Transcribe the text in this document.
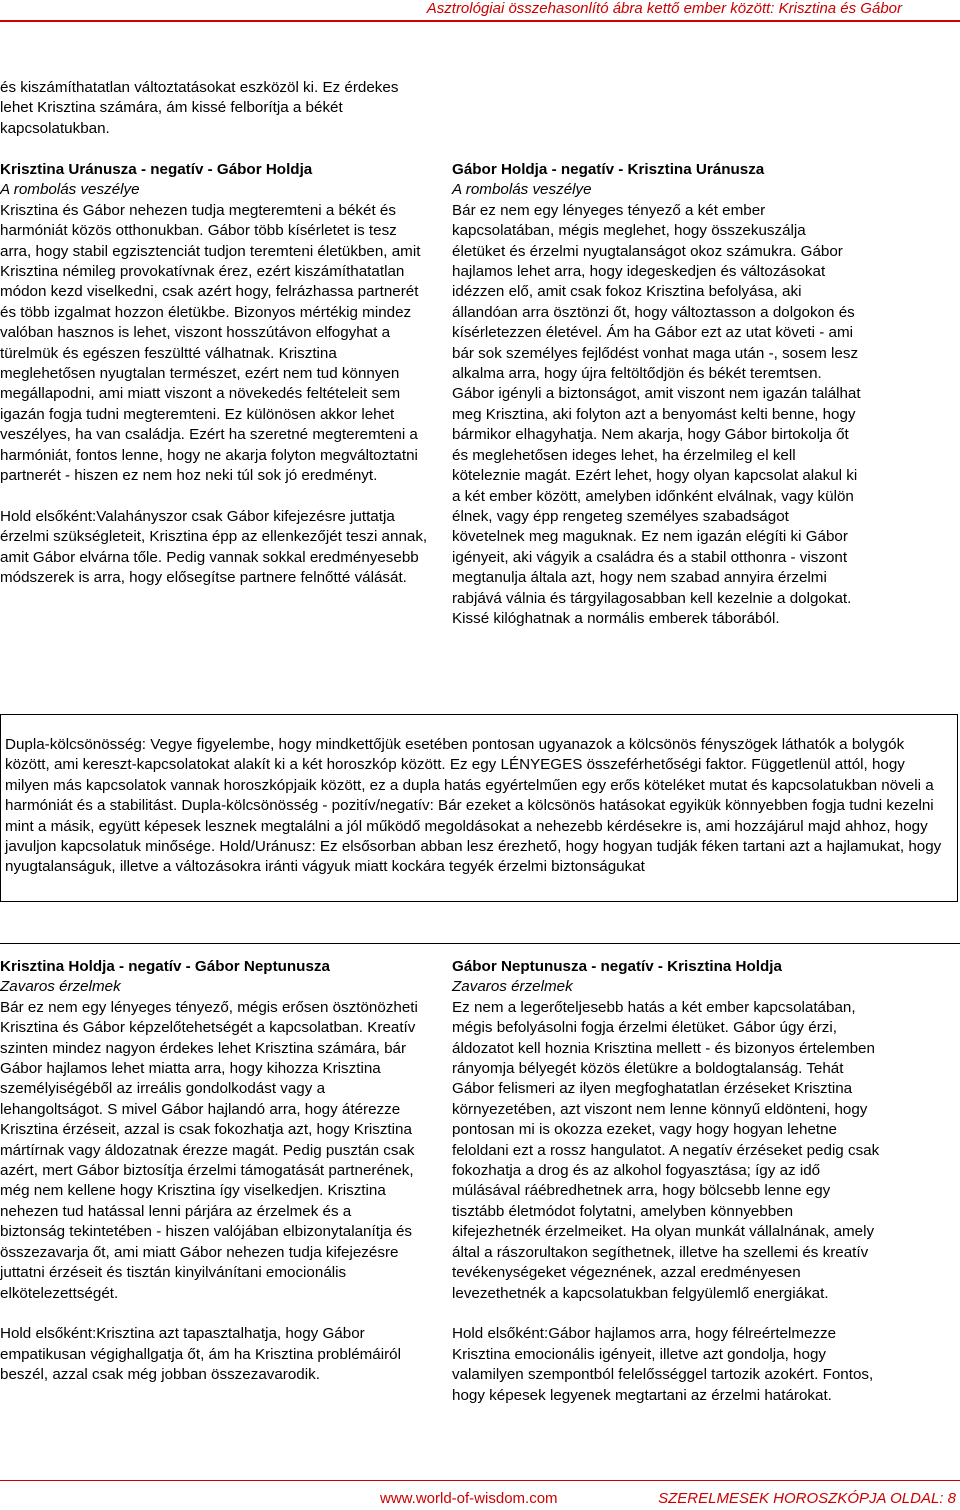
Asztrológiai összehasonlító ábra kettő ember között: Krisztina és Gábor

és kiszámíthatatlan változtatásokat eszközöl ki. Ez érdekes lehet Krisztina számára, ám kissé felborítja a békét kapcsolatukban.

Krisztina Uránusza - negatív - Gábor Holdja

A rombolás veszélye

Krisztina és Gábor nehezen tudja megteremteni a békét és harmóniát közös otthonukban. Gábor több kísérletet is tesz arra, hogy stabil egzisztenciát tudjon teremteni életükben, amit Krisztina némileg provokatívnak érez, ezért kiszámíthatatlan módon kezd viselkedni, csak azért hogy, felrázhassa partnerét és több izgalmat hozzon életükbe. Bizonyos mértékig mindez valóban hasznos is lehet, viszont hosszútávon elfogyhat a türelmük és egészen feszültté válhatnak. Krisztina meglehetősen nyugtalan természet, ezért nem tud könnyen megállapodni, ami miatt viszont a növekedés feltételeit sem igazán fogja tudni megteremteni. Ez különösen akkor lehet veszélyes, ha van családja. Ezért ha szeretné megteremteni a harmóniát, fontos lenne, hogy ne akarja folyton megváltoztatni partnerét - hiszen ez nem hoz neki túl sok jó eredményt.

Hold elsőként:Valahányszor csak Gábor kifejezésre juttatja érzelmi szükségleteit, Krisztina épp az ellenkezőjét teszi annak, amit Gábor elvárna tőle. Pedig vannak sokkal eredményesebb módszerek is arra, hogy elősegítse partnere felnőtté válását.

Gábor Holdja - negatív - Krisztina Uránusza

A rombolás veszélye

Bár ez nem egy lényeges tényező a két ember kapcsolatában, mégis meglehet, hogy összekuszálja életüket és érzelmi nyugtalanságot okoz számukra. Gábor hajlamos lehet arra, hogy idegeskedjen és változásokat idézzen elő, amit csak fokoz Krisztina befolyása, aki állandóan arra ösztönzi őt, hogy változtasson a dolgokon és kísérletezzen életével. Ám ha Gábor ezt az utat követi - ami bár sok személyes fejlődést vonhat maga után -, sosem lesz alkalma arra, hogy újra feltöltődjön és békét teremtsen. Gábor igényli a biztonságot, amit viszont nem igazán találhat meg Krisztina, aki folyton azt a benyomást kelti benne, hogy bármikor elhagyhatja. Nem akarja, hogy Gábor birtokolja őt és meglehetősen ideges lehet, ha érzelmileg el kell köteleznie magát. Ezért lehet, hogy olyan kapcsolat alakul ki a két ember között, amelyben időnként elválnak, vagy külön élnek, vagy épp rengeteg személyes szabadságot követelnek meg maguknak. Ez nem igazán elégíti ki Gábor igényeit, aki vágyik a családra és a stabil otthonra - viszont megtanulja általa azt, hogy nem szabad annyira érzelmi rabjává válnia és tárgyilagosabban kell kezelnie a dolgokat. Kissé kilóghatnak a normális emberek táborából.

Dupla-kölcsönösség: Vegye figyelembe, hogy mindkettőjük esetében pontosan ugyanazok a kölcsönös fényszögek láthatók a bolygók között, ami kereszt-kapcsolatokat alakít ki a két horoszkóp között. Ez egy LÉNYEGES összeférhetőségi faktor. Függetlenül attól, hogy milyen más kapcsolatok vannak horoszkópjaik között, ez a dupla hatás egyértelműen egy erős köteléket mutat és kapcsolatukban növeli a harmóniát és a stabilitást. Dupla-kölcsönösség - pozitív/negatív: Bár ezeket a kölcsönös hatásokat egyikük könnyebben fogja tudni kezelni mint a másik, együtt képesek lesznek megtalálni a jól működő megoldásokat a nehezebb kérdésekre is, ami hozzájárul majd ahhoz, hogy javuljon kapcsolatuk minősége. Hold/Uránusz: Ez elsősorban abban lesz érezhető, hogy hogyan tudják féken tartani azt a hajlamukat, hogy nyugtalanságuk, illetve a változásokra iránti vágyuk miatt kockára tegyék érzelmi biztonságukat

Krisztina Holdja - negatív - Gábor Neptunusza

Zavaros érzelmek

Bár ez nem egy lényeges tényező, mégis erősen ösztönözheti Krisztina és Gábor képzelőtehetségét a kapcsolatban. Kreatív szinten mindez nagyon érdekes lehet Krisztina számára, bár Gábor hajlamos lehet miatta arra, hogy kihozza Krisztina személyiségéből az irreális gondolkodást vagy a lehangoltságot. S mivel Gábor hajlandó arra, hogy átérezze Krisztina érzéseit, azzal is csak fokozhatja azt, hogy Krisztina mártírnak vagy áldozatnak érezze magát. Pedig pusztán csak azért, mert Gábor biztosítja érzelmi támogatását partnerének, még nem kellene hogy Krisztina így viselkedjen. Krisztina nehezen tud hatással lenni párjára az érzelmek és a biztonság tekintetében - hiszen valójában elbizonytalanítja és összezavarja őt, ami miatt Gábor nehezen tudja kifejezésre juttatni érzéseit és tisztán kinyilvánítani emocionális elkötelezettségét.

Hold elsőként:Krisztina azt tapasztalhatja, hogy Gábor empatikusan végighallgatja őt, ám ha Krisztina problémáiról beszél, azzal csak még jobban összezavarodik.

Gábor Neptunusza - negatív - Krisztina Holdja

Zavaros érzelmek

Ez nem a legerőteljesebb hatás a két ember kapcsolatában, mégis befolyásolni fogja érzelmi életüket. Gábor úgy érzi, áldozatot kell hoznia Krisztina mellett - és bizonyos értelemben rányomja bélyegét közös életükre a boldogtalanság. Tehát Gábor felismeri az ilyen megfoghatatlan érzéseket Krisztina környezetében, azt viszont nem lenne könnyű eldönteni, hogy pontosan mi is okozza ezeket, vagy hogy hogyan lehetne feloldani ezt a rossz hangulatot. A negatív érzéseket pedig csak fokozhatja a drog és az alkohol fogyasztása; így az idő múlásával ráébredhetnek arra, hogy bölcsebb lenne egy tisztább életmódot folytatni, amelyben könnyebben kifejezhetnék érzelmeiket. Ha olyan munkát vállalnának, amely által a rászorultakon segíthetnek, illetve ha szellemi és kreatív tevékenységeket végeznének, azzal eredményesen levezethetnék a kapcsolatukban felgyülemlő energiákat.

Hold elsőként:Gábor hajlamos arra, hogy félreértelmezze Krisztina emocionális igényeit, illetve azt gondolja, hogy valamilyen szempontból felelősséggel tartozik azokért. Fontos, hogy képesek legyenek megtartani az érzelmi határokat.

www.world-of-wisdom.com	SZERELMESEK HOROSZKÓPJA OLDAL: 8
